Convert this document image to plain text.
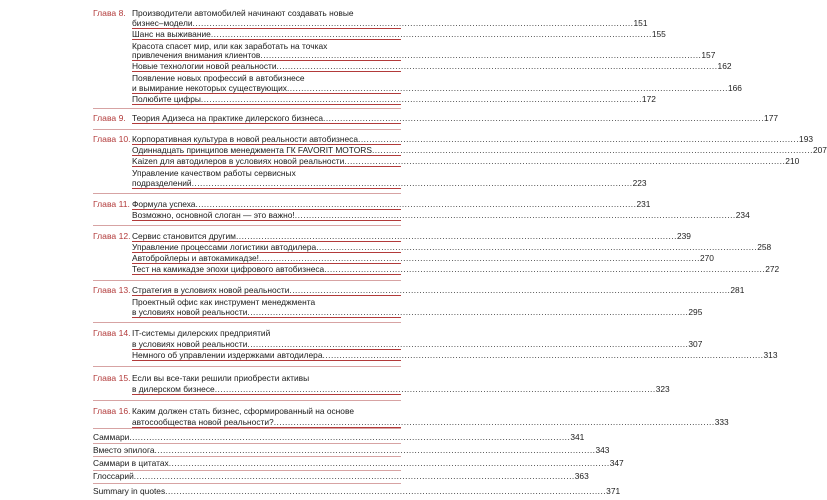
Глава 8. Производители автомобилей начинают создавать новые
бизнес–модели .....	151
Шанс на выживание .....	155
Красота спасет мир, или как заработать на точках
привлечения внимания клиентов .....	157
Новые технологии новой реальности .....	162
Появление новых профессий в автобизнесе
и вымирание некоторых существующих .....	166
Полюбите цифры .....	172
Глава 9. Теория Адизеса на практике дилерского бизнеса .....	177
Глава 10. Корпоративная культура в новой реальности автобизнеса .....	193
Одиннадцать принципов менеджмента ГК FAVORIT MOTORS .....	207
Kaizen для автодилеров в условиях новой реальности .....	210
Управление качеством работы сервисных
подразделений .....	223
Глава 11. Формула успеха .....	231
Возможно, основной слоган — это важно! .....	234
Глава 12. Сервис становится другим .....	239
Управление процессами логистики автодилера .....	258
Автобройлеры и автокамикадзе! .....	270
Тест на камикадзе эпохи цифрового автобизнеса .....	272
Глава 13. Стратегия в условиях новой реальности .....	281
Проектный офис как инструмент менеджмента
в условиях новой реальности .....	295
Глава 14. IT-системы дилерских предприятий
в условиях новой реальности .....	307
Немного об управлении издержками автодилера .....	313
Глава 15. Если вы все-таки решили приобрести активы
в дилерском бизнесе .....	323
Глава 16. Каким должен стать бизнес, сформированный на основе
автосообщества новой реальности? .....	333
Саммари .....	341
Вместо эпилога .....	343
Саммари в цитатах .....	347
Глоссарий .....	363
Summary in quotes .....	371
